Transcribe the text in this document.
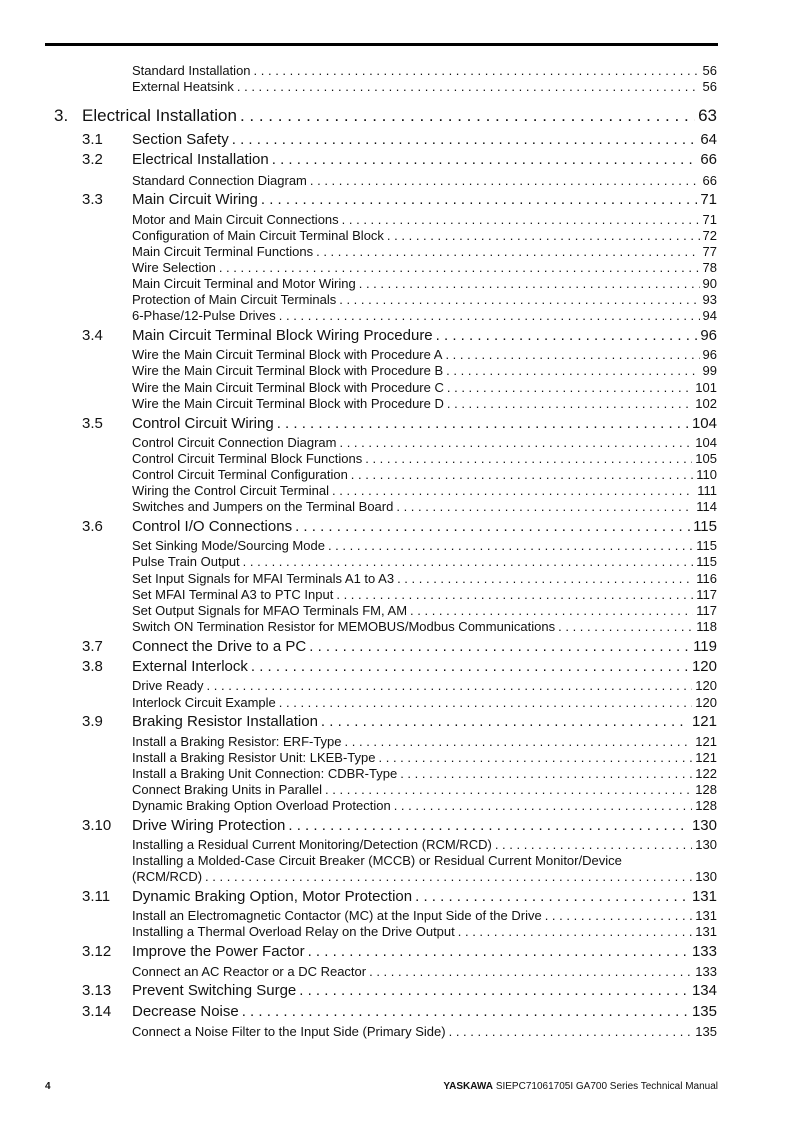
Standard Installation . . .	56
External Heatsink . . .	56
3. Electrical Installation . . .	63
3.1 Section Safety . . .	64
3.2 Electrical Installation . . .	66
Standard Connection Diagram . . .	66
3.3 Main Circuit Wiring . . .	71
Motor and Main Circuit Connections . . .	71
Configuration of Main Circuit Terminal Block . . .	72
Main Circuit Terminal Functions . . .	77
Wire Selection . . .	78
Main Circuit Terminal and Motor Wiring . . .	90
Protection of Main Circuit Terminals . . .	93
6-Phase/12-Pulse Drives . . .	94
3.4 Main Circuit Terminal Block Wiring Procedure . . .	96
Wire the Main Circuit Terminal Block with Procedure A . . .	96
Wire the Main Circuit Terminal Block with Procedure B . . .	99
Wire the Main Circuit Terminal Block with Procedure C . . .	101
Wire the Main Circuit Terminal Block with Procedure D . . .	102
3.5 Control Circuit Wiring . . .	104
Control Circuit Connection Diagram . . .	104
Control Circuit Terminal Block Functions . . .	105
Control Circuit Terminal Configuration . . .	110
Wiring the Control Circuit Terminal . . .	111
Switches and Jumpers on the Terminal Board . . .	114
3.6 Control I/O Connections . . .	115
Set Sinking Mode/Sourcing Mode . . .	115
Pulse Train Output . . .	115
Set Input Signals for MFAI Terminals A1 to A3 . . .	116
Set MFAI Terminal A3 to PTC Input . . .	117
Set Output Signals for MFAO Terminals FM, AM . . .	117
Switch ON Termination Resistor for MEMOBUS/Modbus Communications . . .	118
3.7 Connect the Drive to a PC . . .	119
3.8 External Interlock . . .	120
Drive Ready . . .	120
Interlock Circuit Example . . .	120
3.9 Braking Resistor Installation . . .	121
Install a Braking Resistor: ERF-Type . . .	121
Install a Braking Resistor Unit: LKEB-Type . . .	121
Install a Braking Unit Connection: CDBR-Type . . .	122
Connect Braking Units in Parallel . . .	128
Dynamic Braking Option Overload Protection . . .	128
3.10 Drive Wiring Protection . . .	130
Installing a Residual Current Monitoring/Detection (RCM/RCD) . . .	130
Installing a Molded-Case Circuit Breaker (MCCB) or Residual Current Monitor/Device
(RCM/RCD) . . .	130
3.11 Dynamic Braking Option, Motor Protection . . .	131
Install an Electromagnetic Contactor (MC) at the Input Side of the Drive . . .	131
Installing a Thermal Overload Relay on the Drive Output . . .	131
3.12 Improve the Power Factor . . .	133
Connect an AC Reactor or a DC Reactor . . .	133
3.13 Prevent Switching Surge . . .	134
3.14 Decrease Noise . . .	135
Connect a Noise Filter to the Input Side (Primary Side) . . .	135
4	YASKAWA SIEPC71061705I GA700 Series Technical Manual
